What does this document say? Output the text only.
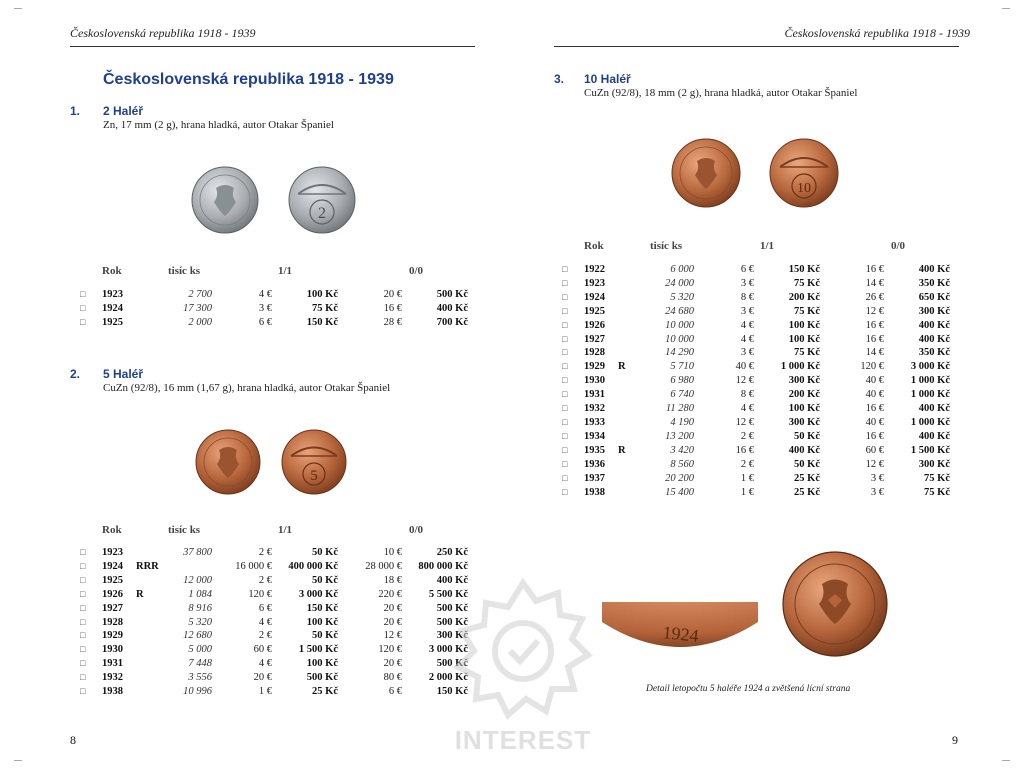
Československá republika 1918 - 1939
Československá republika 1918 - 1939
1. 2 Haléř
Zn, 17 mm (2 g), hrana hladká, autor Otakar Španiel
2
Rok	tisíc ks	1/1	0/0
□	1923		2 700	4 €	100 Kč	20 €	500 Kč
□	1924		17 300	3 €	75 Kč	16 €	400 Kč
□	1925		2 000	6 €	150 Kč	28 €	700 Kč
2. 5 Haléř
CuZn (92/8), 16 mm (1,67 g), hrana hladká, autor Otakar Španiel
5
Rok	tisíc ks	1/1	0/0
□	1923		37 800	2 €	50 Kč	10 €	250 Kč
□	1924	RRR		16 000 €	400 000 Kč	28 000 €	800 000 Kč
□	1925		12 000	2 €	50 Kč	18 €	400 Kč
□	1926	R	1 084	120 €	3 000 Kč	220 €	5 500 Kč
□	1927		8 916	6 €	150 Kč	20 €	500 Kč
□	1928		5 320	4 €	100 Kč	20 €	500 Kč
□	1929		12 680	2 €	50 Kč	12 €	300 Kč
□	1930		5 000	60 €	1 500 Kč	120 €	3 000 Kč
□	1931		7 448	4 €	100 Kč	20 €	500 Kč
□	1932		3 556	20 €	500 Kč	80 €	2 000 Kč
□	1938		10 996	1 €	25 Kč	6 €	150 Kč
8
Československá republika 1918 - 1939
3. 10 Haléř
CuZn (92/8), 18 mm (2 g), hrana hladká, autor Otakar Španiel
10
Rok	tisíc ks	1/1	0/0
□	1922		6 000	6 €	150 Kč	16 €	400 Kč
□	1923		24 000	3 €	75 Kč	14 €	350 Kč
□	1924		5 320	8 €	200 Kč	26 €	650 Kč
□	1925		24 680	3 €	75 Kč	12 €	300 Kč
□	1926		10 000	4 €	100 Kč	16 €	400 Kč
□	1927		10 000	4 €	100 Kč	16 €	400 Kč
□	1928		14 290	3 €	75 Kč	14 €	350 Kč
□	1929	R	5 710	40 €	1 000 Kč	120 €	3 000 Kč
□	1930		6 980	12 €	300 Kč	40 €	1 000 Kč
□	1931		6 740	8 €	200 Kč	40 €	1 000 Kč
□	1932		11 280	4 €	100 Kč	16 €	400 Kč
□	1933		4 190	12 €	300 Kč	40 €	1 000 Kč
□	1934		13 200	2 €	50 Kč	16 €	400 Kč
□	1935	R	3 420	16 €	400 Kč	60 €	1 500 Kč
□	1936		8 560	2 €	50 Kč	12 €	300 Kč
□	1937		20 200	1 €	25 Kč	3 €	75 Kč
□	1938		15 400	1 €	25 Kč	3 €	75 Kč
9
1924
Detail letopočtu 5 haléře 1924 a zvětšená lícní strana
INTEREST
